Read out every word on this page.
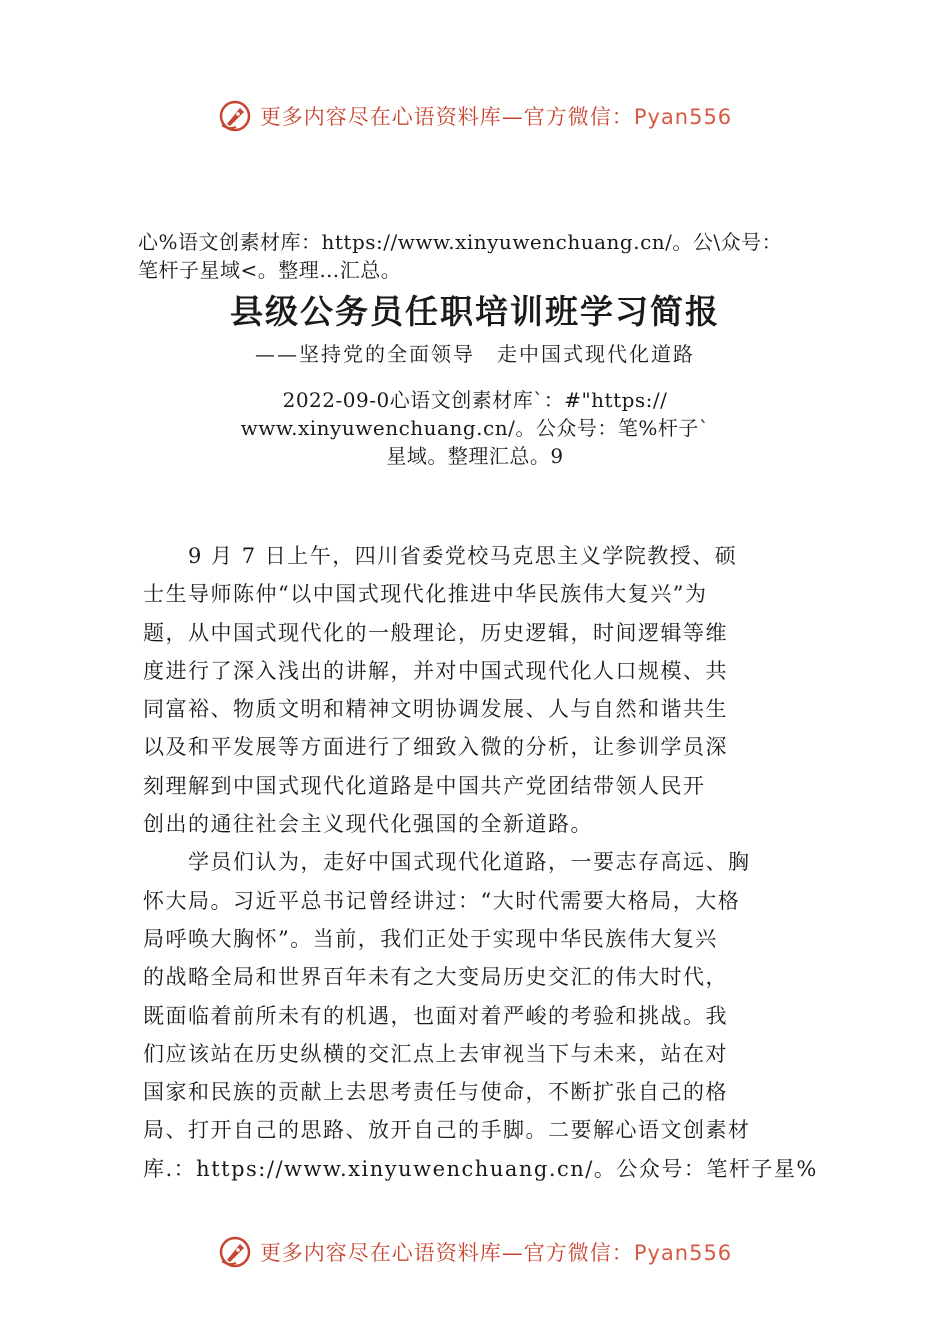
更多内容尽在心语资料库—官方微信：Pyan556

心%语文创素材库：https://www.xinyuwenchuang.cn/。公\众号：

笔杆子星域<。整理…汇总。

县级公务员任职培训班学习简报
——坚持党的全面领导　走中国式现代化道路

2022-09-0心语文创素材库`：#"https://

www.xinyuwenchuang.cn/。公众号：笔%杆子`

星域。整理汇总。9

　　9 月 7 日上午，四川省委党校马克思主义学院教授、硕

士生导师陈仲“以中国式现代化推进中华民族伟大复兴”为

题，从中国式现代化的一般理论，历史逻辑，时间逻辑等维

度进行了深入浅出的讲解，并对中国式现代化人口规模、共

同富裕、物质文明和精神文明协调发展、人与自然和谐共生

以及和平发展等方面进行了细致入微的分析，让参训学员深

刻理解到中国式现代化道路是中国共产党团结带领人民开

创出的通往社会主义现代化强国的全新道路。

　　学员们认为，走好中国式现代化道路，一要志存高远、胸

怀大局。习近平总书记曾经讲过：“大时代需要大格局，大格

局呼唤大胸怀”。当前，我们正处于实现中华民族伟大复兴

的战略全局和世界百年未有之大变局历史交汇的伟大时代，

既面临着前所未有的机遇，也面对着严峻的考验和挑战。我

们应该站在历史纵横的交汇点上去审视当下与未来，站在对

国家和民族的贡献上去思考责任与使命，不断扩张自己的格

局、打开自己的思路、放开自己的手脚。二要解心语文创素材

库.：https://www.xinyuwenchuang.cn/。公众号：笔杆子星%

更多内容尽在心语资料库—官方微信：Pyan556
